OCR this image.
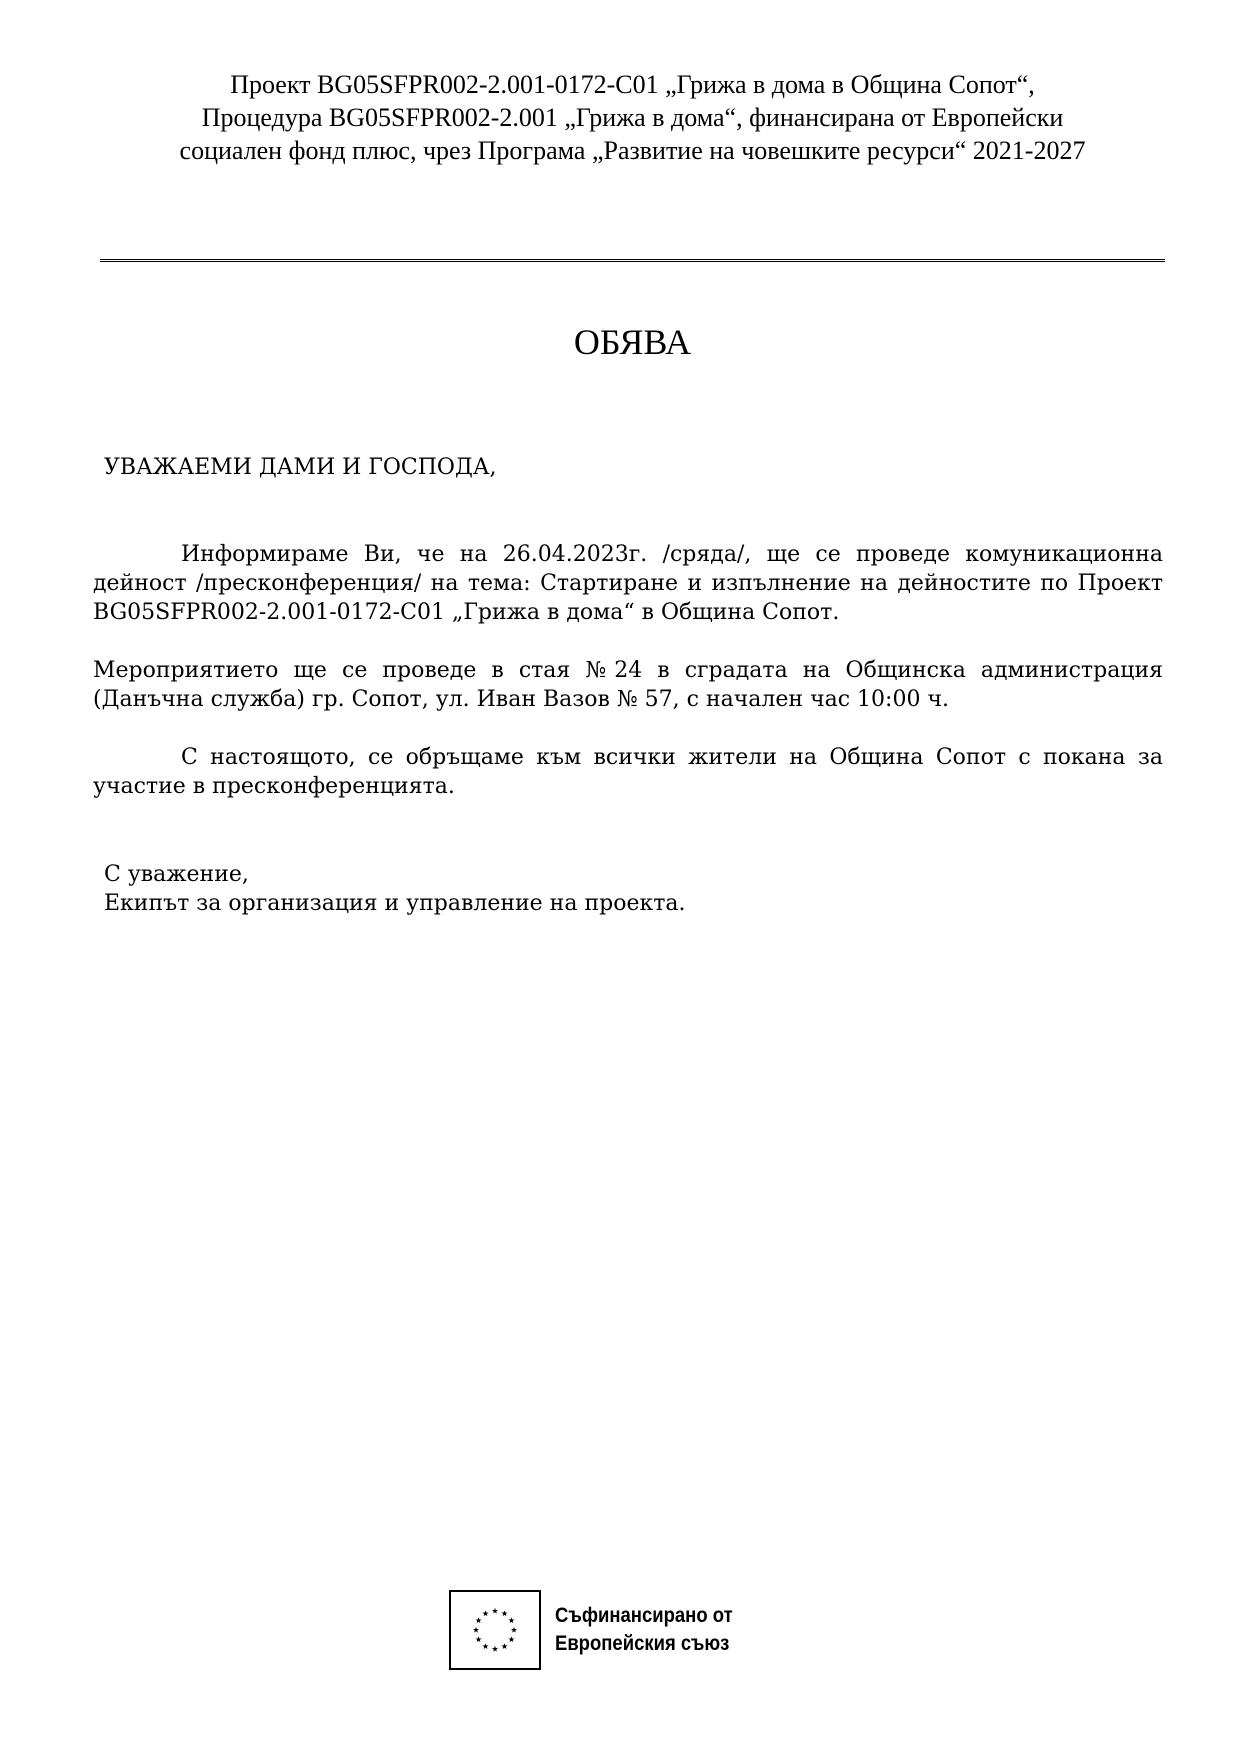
Проект BG05SFPR002-2.001-0172-C01 „Грижа в дома в Община Сопот“,
Процедура BG05SFPR002-2.001 „Грижа в дома“, финансирана от Европейски
социален фонд плюс, чрез Програма „Развитие на човешките ресурси“ 2021-2027
ОБЯВА
УВАЖАЕМИ ДАМИ И ГОСПОДА,
Информираме Ви, че на 26.04.2023г. /сряда/, ще се проведе комуникационна дейност /пресконференция/ на тема: Стартиране и изпълнение на дейностите по Проект BG05SFPR002-2.001-0172-C01 „Грижа в дома“ в Община Сопот.
Мероприятието ще се проведе в стая №24 в сградата на Общинска администрация (Данъчна служба) гр. Сопот, ул. Иван Вазов № 57, с начален час 10:00 ч.
С настоящото, се обръщаме към всички жители на Община Сопот с покана за участие в пресконференцията.
С уважение,
Екипът за организация и управление на проекта.
Съфинансирано от
Европейския съюз
